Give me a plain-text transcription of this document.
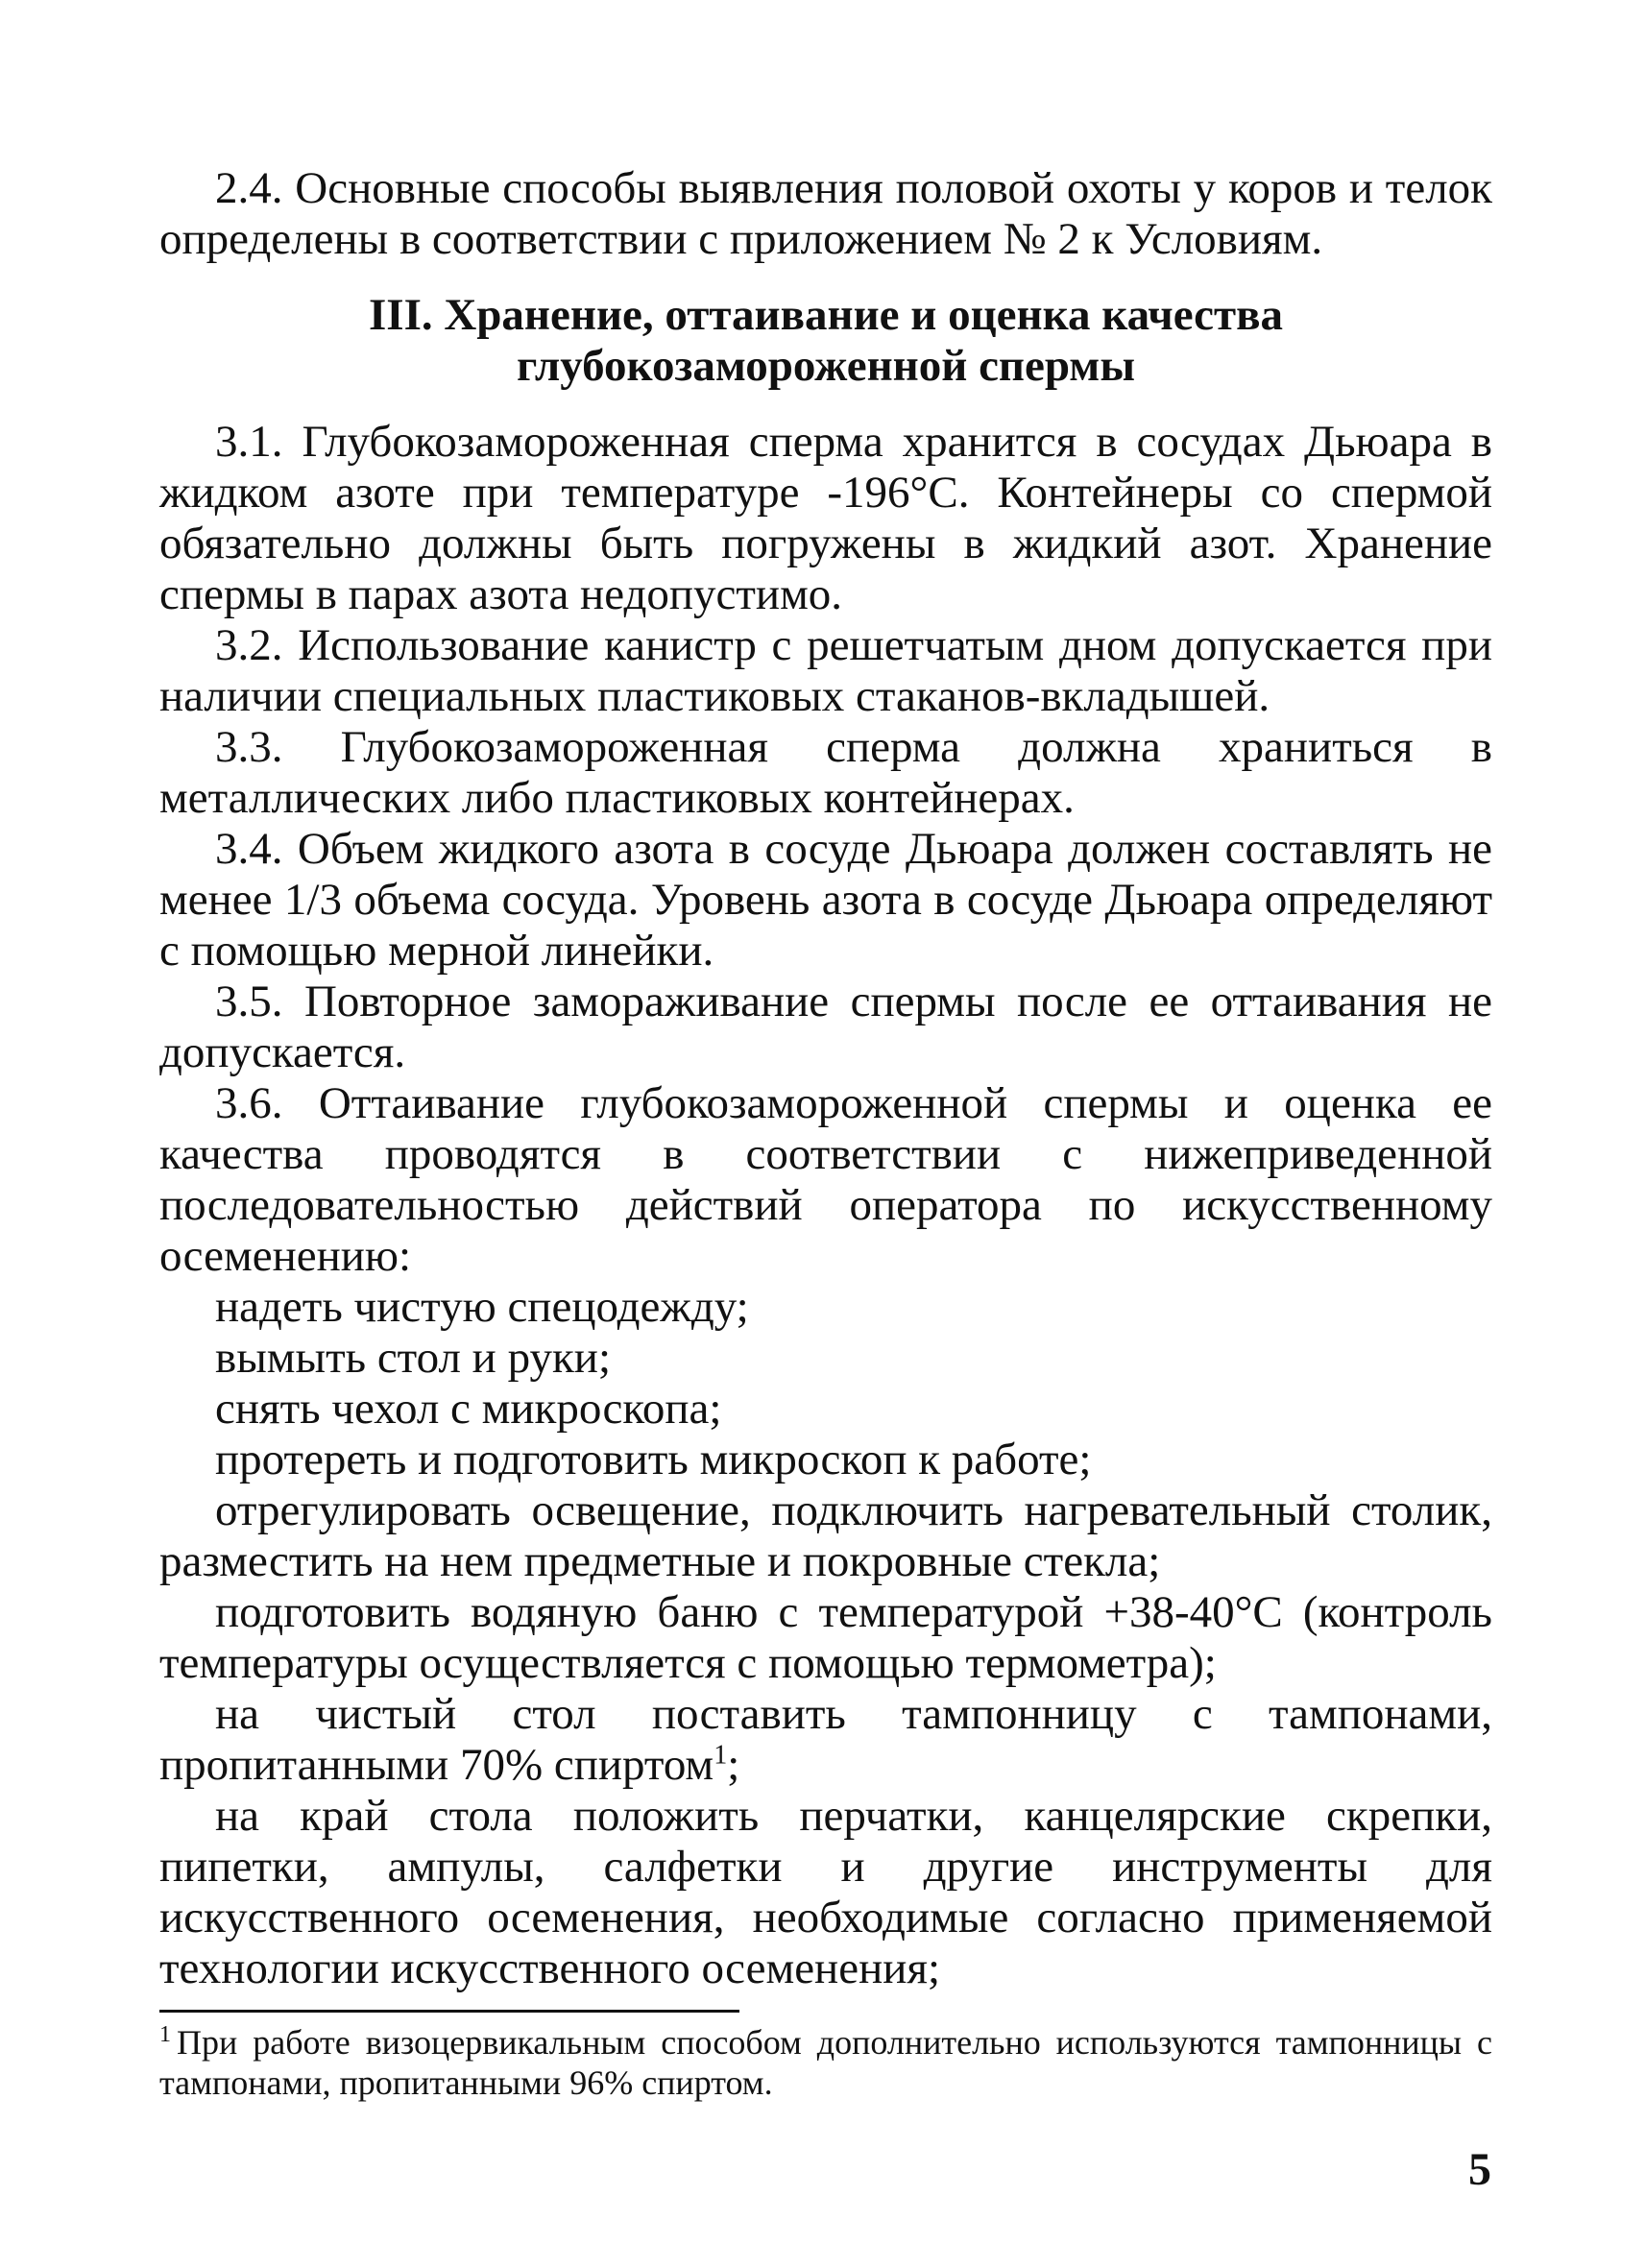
2.4. Основные способы выявления половой охоты у коров и телок определены в соответствии с приложением № 2 к Условиям.

III. Хранение, оттаивание и оценка качества
глубокозамороженной спермы

3.1. Глубокозамороженная сперма хранится в сосудах Дьюара в жидком азоте при температуре -196°С. Контейнеры со спермой обязательно должны быть погружены в жидкий азот. Хранение спермы в парах азота недопустимо.

3.2. Использование канистр с решетчатым дном допускается при наличии специальных пластиковых стаканов-вкладышей.

3.3. Глубокозамороженная сперма должна храниться в металлических либо пластиковых контейнерах.

3.4. Объем жидкого азота в сосуде Дьюара должен составлять не менее 1/3 объема сосуда. Уровень азота в сосуде Дьюара определяют с помощью мерной линейки.

3.5. Повторное замораживание спермы после ее оттаивания не допускается.

3.6. Оттаивание глубокозамороженной спермы и оценка ее качества проводятся в соответствии с нижеприведенной последовательностью действий оператора по искусственному осеменению:

надеть чистую спецодежду;

вымыть стол и руки;

снять чехол с микроскопа;

протереть и подготовить микроскоп к работе;

отрегулировать освещение, подключить нагревательный столик, разместить на нем предметные и покровные стекла;

подготовить водяную баню с температурой +38-40°С (контроль температуры осуществляется с помощью термометра);

на чистый стол поставить тампонницу с тампонами, пропитанными 70% спиртом$^1$;

на край стола положить перчатки, канцелярские скрепки, пипетки, ампулы, салфетки и другие инструменты для искусственного осеменения, необходимые согласно применяемой технологии искусственного осеменения;

$^1$ При работе визоцервикальным способом дополнительно используются тампонницы с тампонами, пропитанными 96% спиртом.

5
